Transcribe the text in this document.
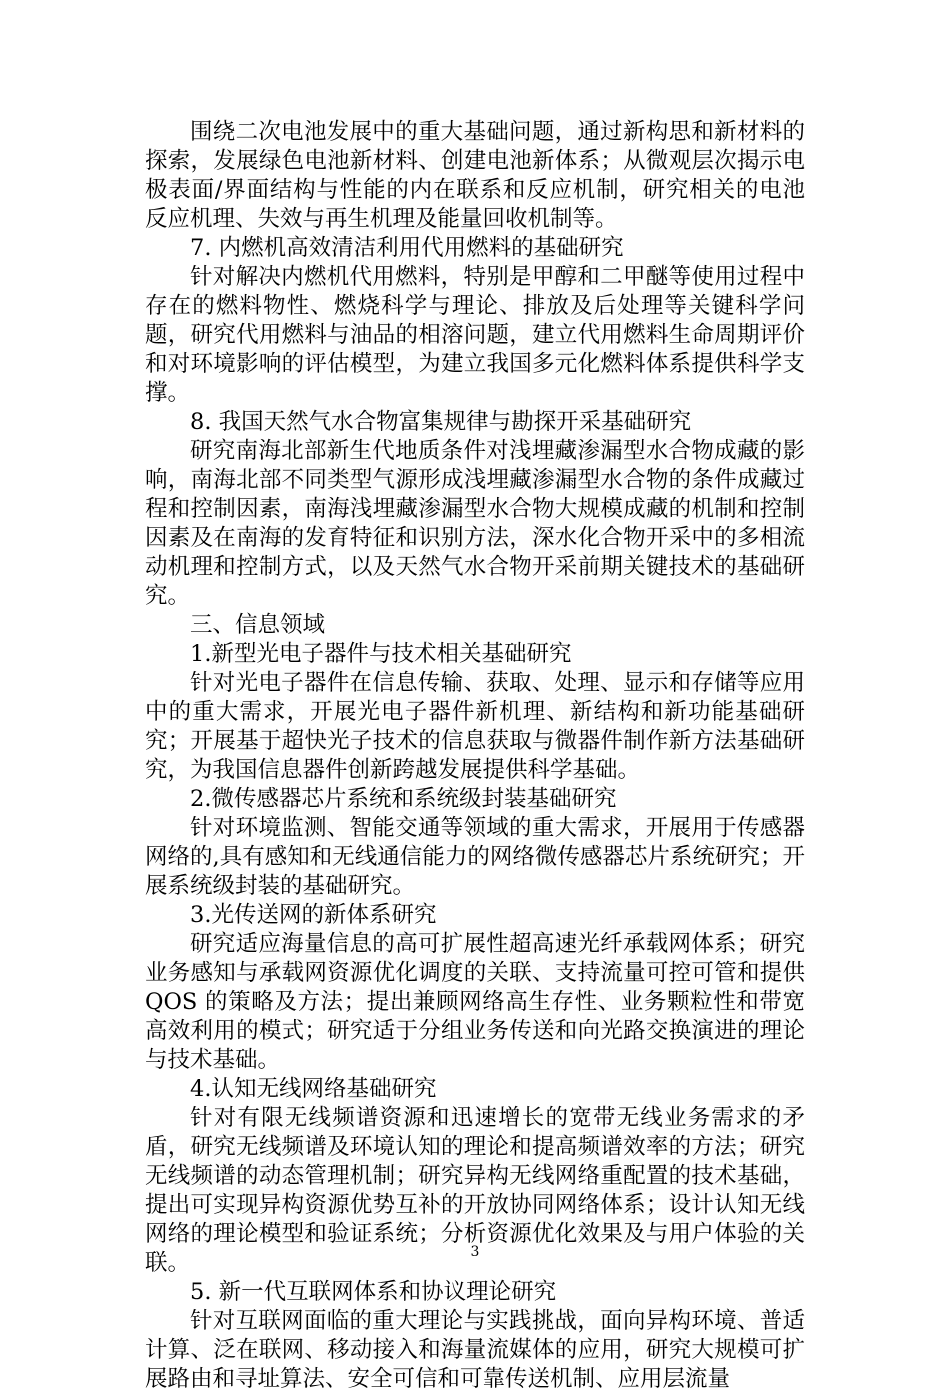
围绕二次电池发展中的重大基础问题，通过新构思和新材料的探索，发展绿色电池新材料、创建电池新体系；从微观层次揭示电极表面/界面结构与性能的内在联系和反应机制，研究相关的电池反应机理、失效与再生机理及能量回收机制等。

7. 内燃机高效清洁利用代用燃料的基础研究

针对解决内燃机代用燃料，特别是甲醇和二甲醚等使用过程中存在的燃料物性、燃烧科学与理论、排放及后处理等关键科学问题，研究代用燃料与油品的相溶问题，建立代用燃料生命周期评价和对环境影响的评估模型，为建立我国多元化燃料体系提供科学支撑。

8. 我国天然气水合物富集规律与勘探开采基础研究

研究南海北部新生代地质条件对浅埋藏渗漏型水合物成藏的影响，南海北部不同类型气源形成浅埋藏渗漏型水合物的条件成藏过程和控制因素，南海浅埋藏渗漏型水合物大规模成藏的机制和控制因素及在南海的发育特征和识别方法，深水化合物开采中的多相流动机理和控制方式，以及天然气水合物开采前期关键技术的基础研究。

三、信息领域

1.新型光电子器件与技术相关基础研究

针对光电子器件在信息传输、获取、处理、显示和存储等应用中的重大需求，开展光电子器件新机理、新结构和新功能基础研究；开展基于超快光子技术的信息获取与微器件制作新方法基础研究，为我国信息器件创新跨越发展提供科学基础。

2.微传感器芯片系统和系统级封装基础研究

针对环境监测、智能交通等领域的重大需求，开展用于传感器网络的,具有感知和无线通信能力的网络微传感器芯片系统研究；开展系统级封装的基础研究。

3.光传送网的新体系研究

研究适应海量信息的高可扩展性超高速光纤承载网体系；研究业务感知与承载网资源优化调度的关联、支持流量可控可管和提供 QOS 的策略及方法；提出兼顾网络高生存性、业务颗粒性和带宽高效利用的模式；研究适于分组业务传送和向光路交换演进的理论与技术基础。

4.认知无线网络基础研究

针对有限无线频谱资源和迅速增长的宽带无线业务需求的矛盾，研究无线频谱及环境认知的理论和提高频谱效率的方法；研究无线频谱的动态管理机制；研究异构无线网络重配置的技术基础，提出可实现异构资源优势互补的开放协同网络体系；设计认知无线网络的理论模型和验证系统；分析资源优化效果及与用户体验的关联。

5. 新一代互联网体系和协议理论研究

针对互联网面临的重大理论与实践挑战，面向异构环境、普适计算、泛在联网、移动接入和海量流媒体的应用，研究大规模可扩展路由和寻址算法、安全可信和可靠传送机制、应用层流量

3
